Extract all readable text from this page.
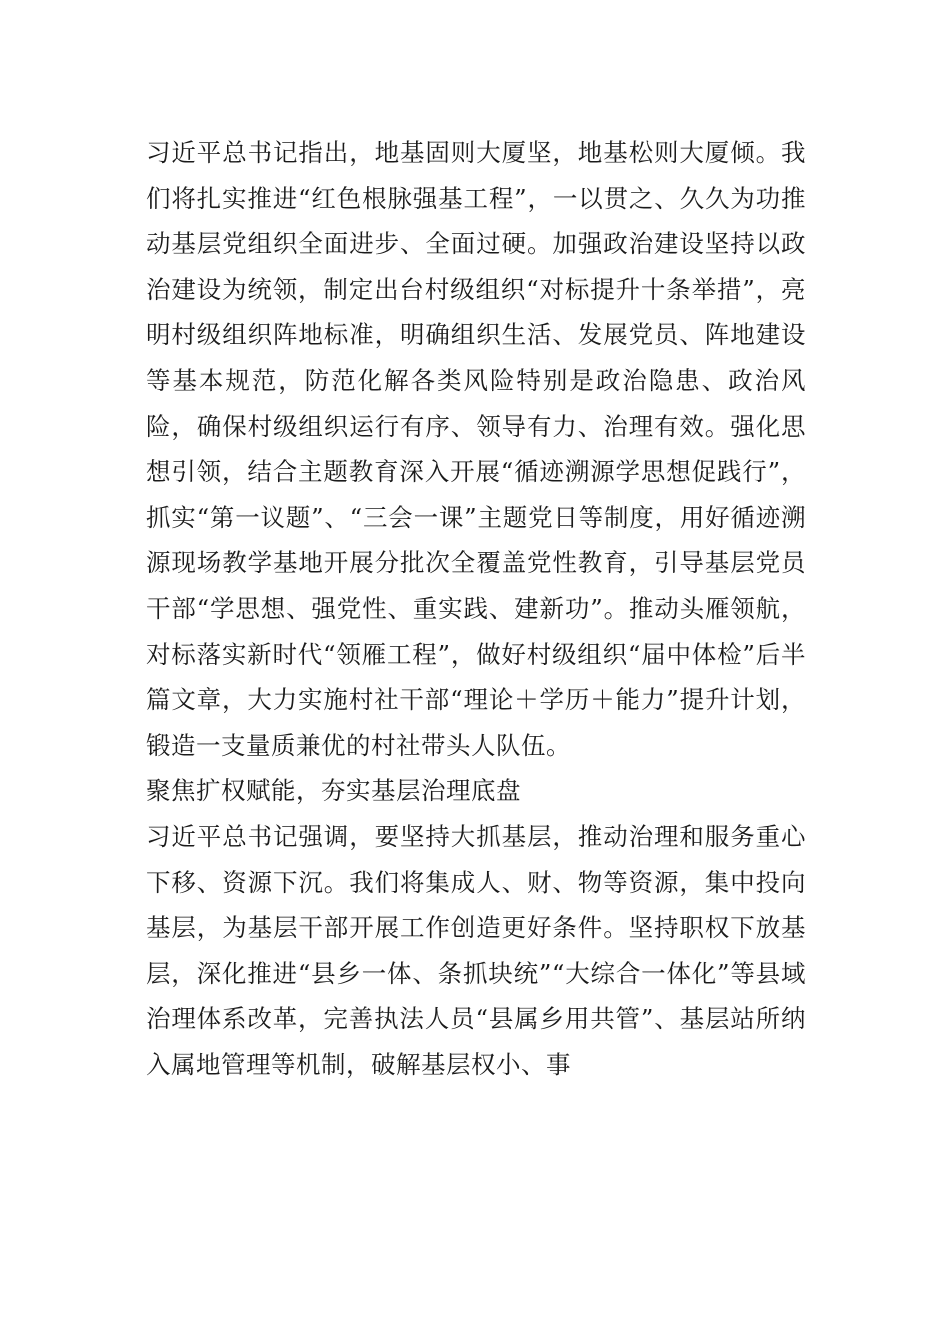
习近平总书记指出，地基固则大厦坚，地基松则大厦倾。我们将扎实推进“红色根脉强基工程”，一以贯之、久久为功推动基层党组织全面进步、全面过硬。加强政治建设坚持以政治建设为统领，制定出台村级组织“对标提升十条举措”，亮明村级组织阵地标准，明确组织生活、发展党员、阵地建设等基本规范，防范化解各类风险特别是政治隐患、政治风险，确保村级组织运行有序、领导有力、治理有效。强化思想引领，结合主题教育深入开展“循迹溯源学思想促践行”，抓实“第一议题”、“三会一课”主题党日等制度，用好循迹溯源现场教学基地开展分批次全覆盖党性教育，引导基层党员干部“学思想、强党性、重实践、建新功”。推动头雁领航，对标落实新时代“领雁工程”，做好村级组织“届中体检”后半篇文章，大力实施村社干部“理论＋学历＋能力”提升计划，锻造一支量质兼优的村社带头人队伍。

聚焦扩权赋能，夯实基层治理底盘

习近平总书记强调，要坚持大抓基层，推动治理和服务重心下移、资源下沉。我们将集成人、财、物等资源，集中投向基层，为基层干部开展工作创造更好条件。坚持职权下放基层，深化推进“县乡一体、条抓块统”“大综合一体化”等县域治理体系改革，完善执法人员“县属乡用共管”、基层站所纳入属地管理等机制，破解基层权小、事
